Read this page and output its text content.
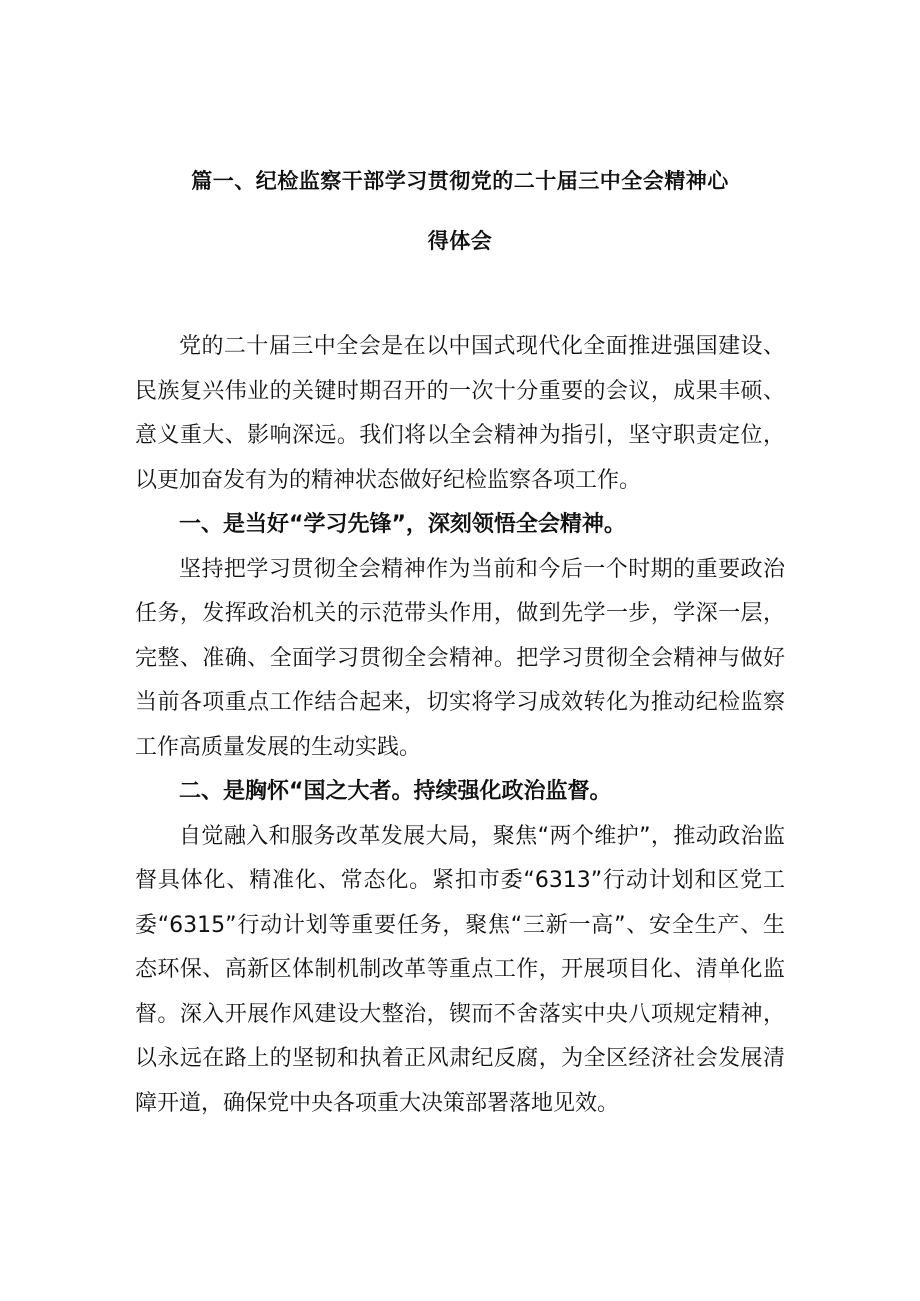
篇一、纪检监察干部学习贯彻党的二十届三中全会精神心
得体会

党的二十届三中全会是在以中国式现代化全面推进强国建设、民族复兴伟业的关键时期召开的一次十分重要的会议，成果丰硕、意义重大、影响深远。我们将以全会精神为指引，坚守职责定位，以更加奋发有为的精神状态做好纪检监察各项工作。

一、是当好“学习先锋”，深刻领悟全会精神。

坚持把学习贯彻全会精神作为当前和今后一个时期的重要政治任务，发挥政治机关的示范带头作用，做到先学一步，学深一层，完整、准确、全面学习贯彻全会精神。把学习贯彻全会精神与做好当前各项重点工作结合起来，切实将学习成效转化为推动纪检监察工作高质量发展的生动实践。

二、是胸怀“国之大者。持续强化政治监督。

自觉融入和服务改革发展大局，聚焦“两个维护”，推动政治监督具体化、精准化、常态化。紧扣市委“6313”行动计划和区党工委“6315”行动计划等重要任务，聚焦“三新一高”、安全生产、生态环保、高新区体制机制改革等重点工作，开展项目化、清单化监督。深入开展作风建设大整治，锲而不舍落实中央八项规定精神，以永远在路上的坚韧和执着正风肃纪反腐，为全区经济社会发展清障开道，确保党中央各项重大决策部署落地见效。
